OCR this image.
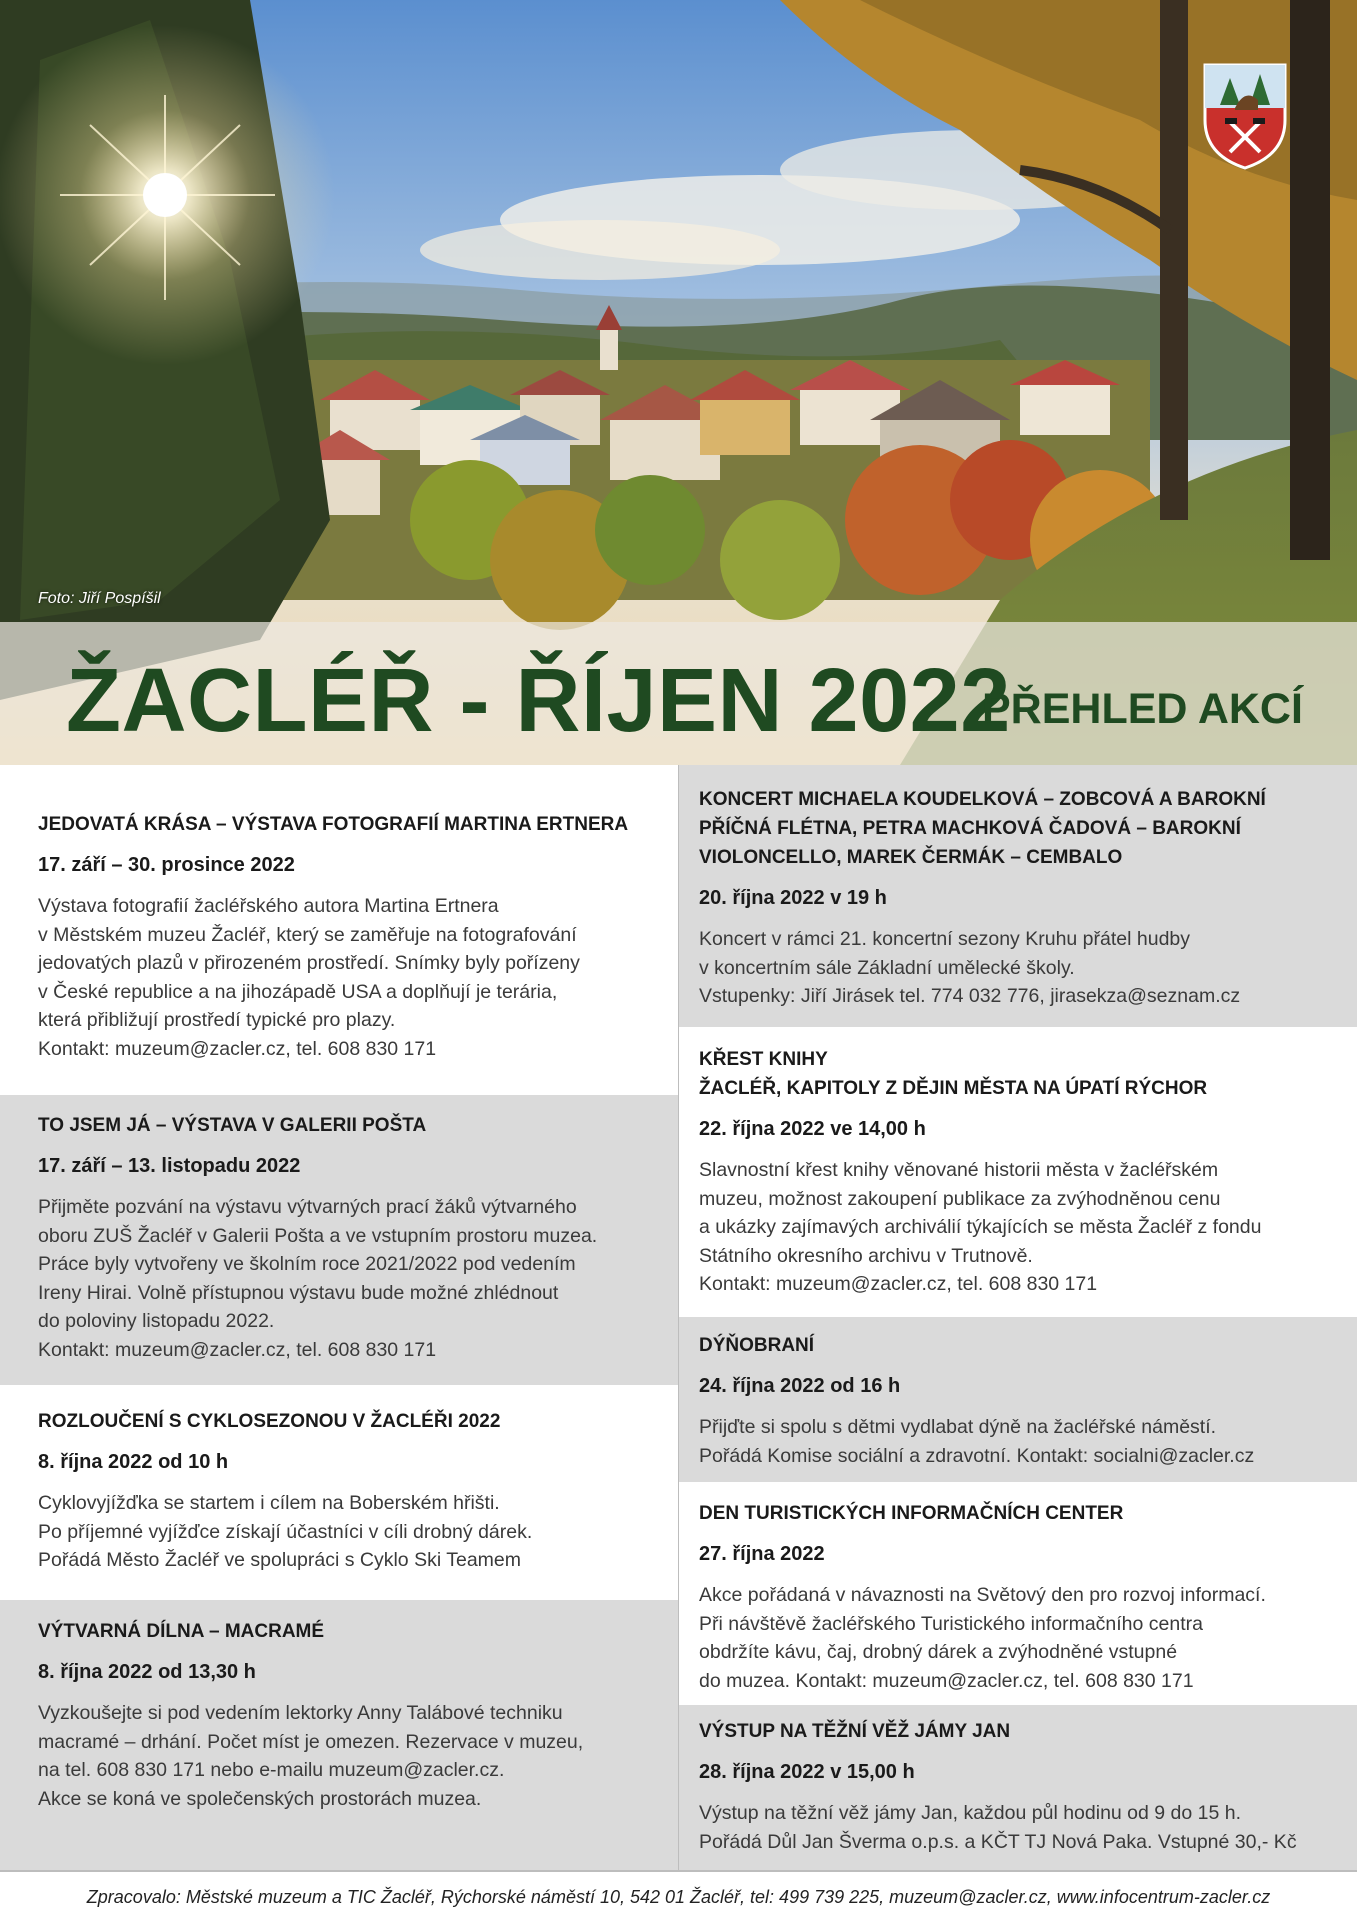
Foto: Jiří Pospíšil
ŽACLÉŘ - ŘÍJEN 2022
PŘEHLED AKCÍ
JEDOVATÁ KRÁSA – VÝSTAVA FOTOGRAFIÍ MARTINA ERTNERA
17. září – 30. prosince 2022
Výstava fotografií žacléřského autora Martina Ertnera
v Městském muzeu Žacléř, který se zaměřuje na fotografování
jedovatých plazů v přirozeném prostředí. Snímky byly pořízeny
v České republice a na jihozápadě USA a doplňují je terária,
která přibližují prostředí typické pro plazy.
Kontakt: muzeum@zacler.cz, tel. 608 830 171
TO JSEM JÁ – VÝSTAVA V GALERII POŠTA
17. září – 13. listopadu 2022
Přijměte pozvání na výstavu výtvarných prací žáků výtvarného
oboru ZUŠ Žacléř v Galerii Pošta a ve vstupním prostoru muzea.
Práce byly vytvořeny ve školním roce 2021/2022 pod vedením
Ireny Hirai. Volně přístupnou výstavu bude možné zhlédnout
do poloviny listopadu 2022.
Kontakt: muzeum@zacler.cz, tel. 608 830 171
ROZLOUČENÍ S CYKLOSEZONOU V ŽACLÉŘI 2022
8. října 2022 od 10 h
Cyklovyjížďka se startem i cílem na Boberském hřišti.
Po příjemné vyjížďce získají účastníci v cíli drobný dárek.
Pořádá Město Žacléř ve spolupráci s Cyklo Ski Teamem
VÝTVARNÁ DÍLNA – MACRAMÉ
8. října 2022 od 13,30 h
Vyzkoušejte si pod vedením lektorky Anny Talábové techniku
macramé – drhání. Počet míst je omezen. Rezervace v muzeu,
na tel. 608 830 171 nebo e-mailu muzeum@zacler.cz.
Akce se koná ve společenských prostorách muzea.
KONCERT MICHAELA KOUDELKOVÁ – ZOBCOVÁ A BAROKNÍ
PŘÍČNÁ FLÉTNA, PETRA MACHKOVÁ ČADOVÁ – BAROKNÍ
VIOLONCELLO, MAREK ČERMÁK – CEMBALO
20. října 2022 v 19 h
Koncert v rámci 21. koncertní sezony Kruhu přátel hudby
v koncertním sále Základní umělecké školy.
Vstupenky: Jiří Jirásek tel. 774 032 776, jirasekza@seznam.cz
KŘEST KNIHY
ŽACLÉŘ, KAPITOLY Z DĚJIN MĚSTA NA ÚPATÍ RÝCHOR
22. října 2022 ve 14,00 h
Slavnostní křest knihy věnované historii města v žacléřském
muzeu, možnost zakoupení publikace za zvýhodněnou cenu
a ukázky zajímavých archiválií týkajících se města Žacléř z fondu
Státního okresního archivu v Trutnově.
Kontakt: muzeum@zacler.cz, tel. 608 830 171
DÝŇOBRANÍ
24. října 2022 od 16 h
Přijďte si spolu s dětmi vydlabat dýně na žacléřské náměstí.
Pořádá Komise sociální a zdravotní. Kontakt: socialni@zacler.cz
DEN TURISTICKÝCH INFORMAČNÍCH CENTER
27. října 2022
Akce pořádaná v návaznosti na Světový den pro rozvoj informací.
Při návštěvě žacléřského Turistického informačního centra
obdržíte kávu, čaj, drobný dárek a zvýhodněné vstupné
do muzea. Kontakt: muzeum@zacler.cz, tel. 608 830 171
VÝSTUP NA TĚŽNÍ VĚŽ JÁMY JAN
28. října 2022 v 15,00 h
Výstup na těžní věž jámy Jan, každou půl hodinu od 9 do 15 h.
Pořádá Důl Jan Šverma o.p.s. a KČT TJ Nová Paka. Vstupné 30,- Kč
Zpracovalo: Městské muzeum a TIC Žacléř, Rýchorské náměstí 10, 542 01 Žacléř, tel: 499 739 225, muzeum@zacler.cz, www.infocentrum-zacler.cz
